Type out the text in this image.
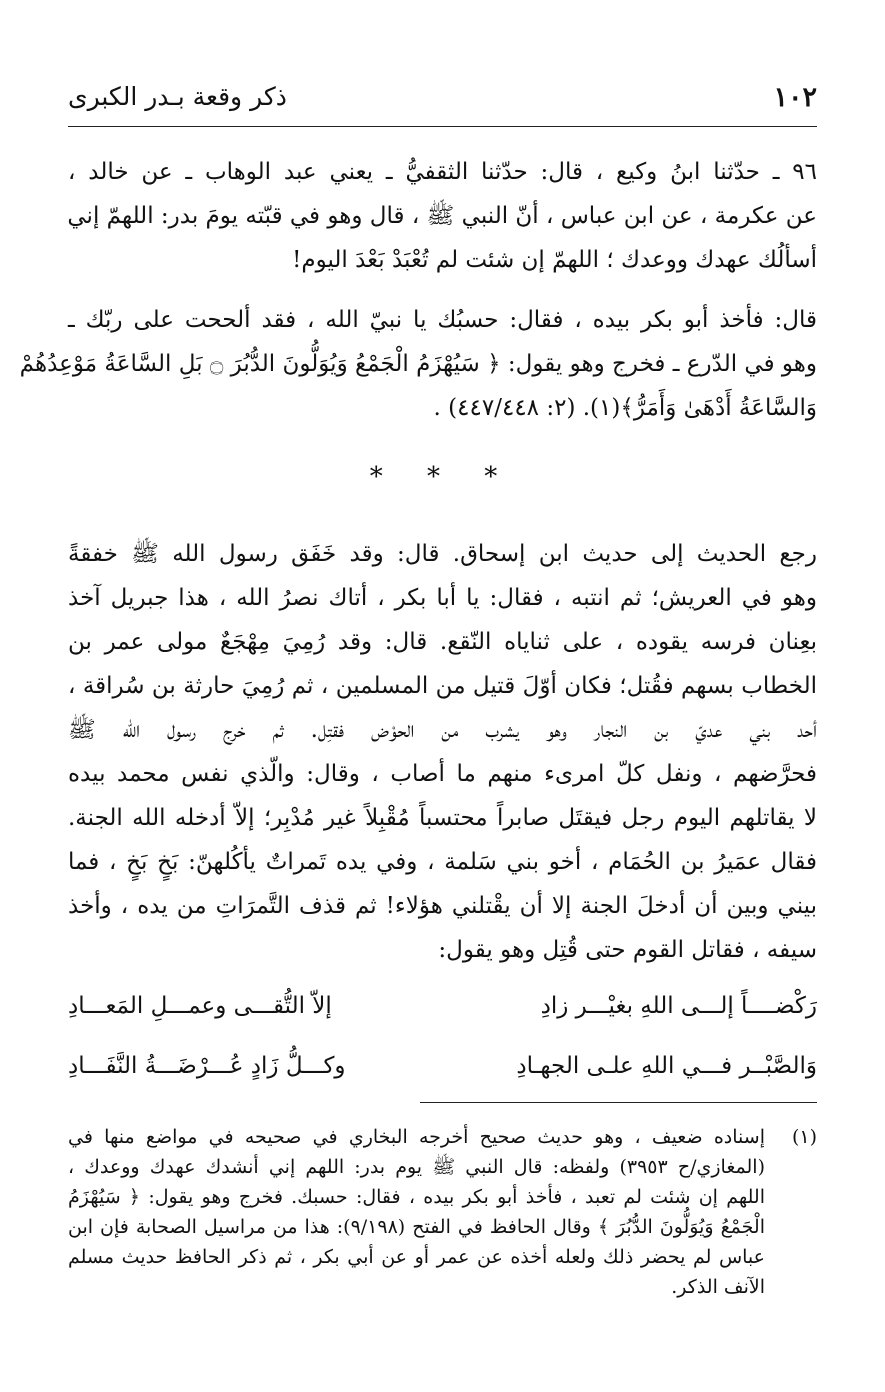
١٠٢
ذكر وقعة بـدر الكبرى
٩٦ ـ حدّثنا ابنُ وكيع ، قال: حدّثنا الثقفيُّ ـ يعني عبد الوهاب ـ عن خالد ،
عن عكرمة ، عن ابن عباس ، أنّ النبي ﷺ ، قال وهو في قبّته يومَ بدر: اللهمّ إني
أسألُك عهدك ووعدك ؛ اللهمّ إن شئت لم تُعْبَدْ بَعْدَ اليوم!
قال: فأخذ أبو بكر بيده ، فقال: حسبُك يا نبيّ الله ، فقد ألححت على ربّك ـ
وهو في الدّرع ـ فخرج وهو يقول: ﴿ سَيُهْزَمُ الْجَمْعُ وَيُوَلُّونَ الدُّبُرَ ۝ بَلِ السَّاعَةُ مَوْعِدُهُمْ
وَالسَّاعَةُ أَدْهَىٰ وَأَمَرُّ﴾(١). (٢: ٤٤٧/٤٤٨) .
* * *
رجع الحديث إلى حديث ابن إسحاق. قال: وقد خَفَق رسول الله ﷺ خفقةً
وهو في العريش؛ ثم انتبه ، فقال: يا أبا بكر ، أتاك نصرُ الله ، هذا جبريل آخذ
بعِنان فرسه يقوده ، على ثناياه النّقع. قال: وقد رُمِيَ مِهْجَعٌ مولى عمر بن
الخطاب بسهم فقُتل؛ فكان أوّلَ قتيل من المسلمين ، ثم رُمِيَ حارثة بن سُراقة ،
أحد بني عديّ بن النجار وهو يشرب من الحوْض فقتِل. ثم خرج رسول الله ﷺ
فحرَّضهم ، ونفل كلّ امرىء منهم ما أصاب ، وقال: والّذي نفس محمد بيده
لا يقاتلهم اليوم رجل فيقتَل صابراً محتسباً مُقْبِلاً غير مُدْبِر؛ إلاّ أدخله الله الجنة.
فقال عمَيرُ بن الحُمَام ، أخو بني سَلمة ، وفي يده تَمراتٌ يأكُلهنّ: بَخٍ بَخٍ ، فما
بيني وبين أن أدخلَ الجنة إلا أن يقْتلني هؤلاء! ثم قذف التَّمرَاتِ من يده ، وأخذ
سيفه ، فقاتل القوم حتى قُتِل وهو يقول:
رَكْضــــاً إلـــى اللهِ بغيْـــر زادِ
إلاّ التُّقـــى وعمـــلِ المَعـــادِ
وَالصَّبْــر فـــي اللهِ علـى الجهـادِ
وكـــلُّ زَادٍ عُـــرْضَـــةُ النَّفَـــادِ
(١)إسناده ضعيف ، وهو حديث صحيح أخرجه البخاري في صحيحه في مواضع منها في
(المغازي/ح ٣٩٥٣) ولفظه: قال النبي ﷺ يوم بدر: اللهم إني أنشدك عهدك ووعدك ،
اللهم إن شئت لم تعبد ، فأخذ أبو بكر بيده ، فقال: حسبك. فخرج وهو يقول: ﴿ سَيُهْزَمُ
الْجَمْعُ وَيُوَلُّونَ الدُّبُرَ ﴾ وقال الحافظ في الفتح (٩/١٩٨): هذا من مراسيل الصحابة فإن ابن
عباس لم يحضر ذلك ولعله أخذه عن عمر أو عن أبي بكر ، ثم ذكر الحافظ حديث مسلم
الآنف الذكر.
